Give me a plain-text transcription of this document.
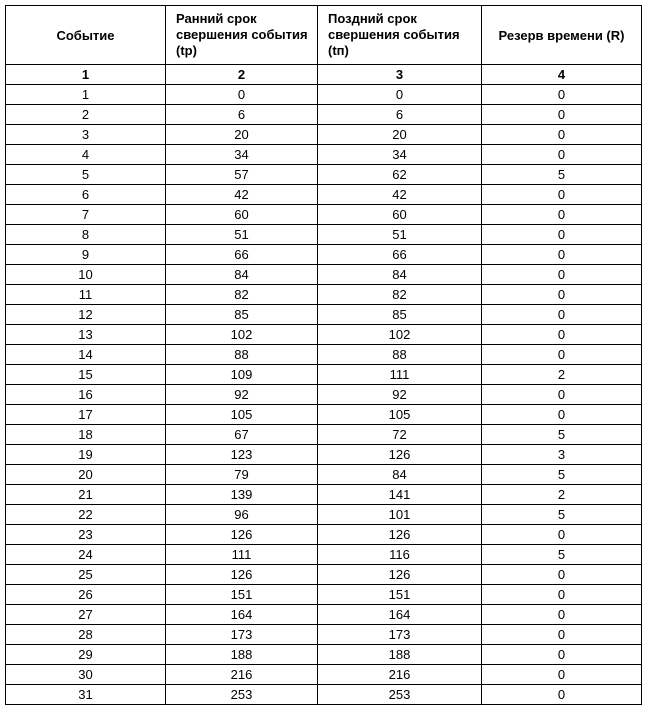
Событие	Ранний срок свершения события (tр)	Поздний срок свершения события (tп)	Резерв времени (R)
1	2	3	4
1	0	0	0
2	6	6	0
3	20	20	0
4	34	34	0
5	57	62	5
6	42	42	0
7	60	60	0
8	51	51	0
9	66	66	0
10	84	84	0
11	82	82	0
12	85	85	0
13	102	102	0
14	88	88	0
15	109	111	2
16	92	92	0
17	105	105	0
18	67	72	5
19	123	126	3
20	79	84	5
21	139	141	2
22	96	101	5
23	126	126	0
24	111	116	5
25	126	126	0
26	151	151	0
27	164	164	0
28	173	173	0
29	188	188	0
30	216	216	0
31	253	253	0
